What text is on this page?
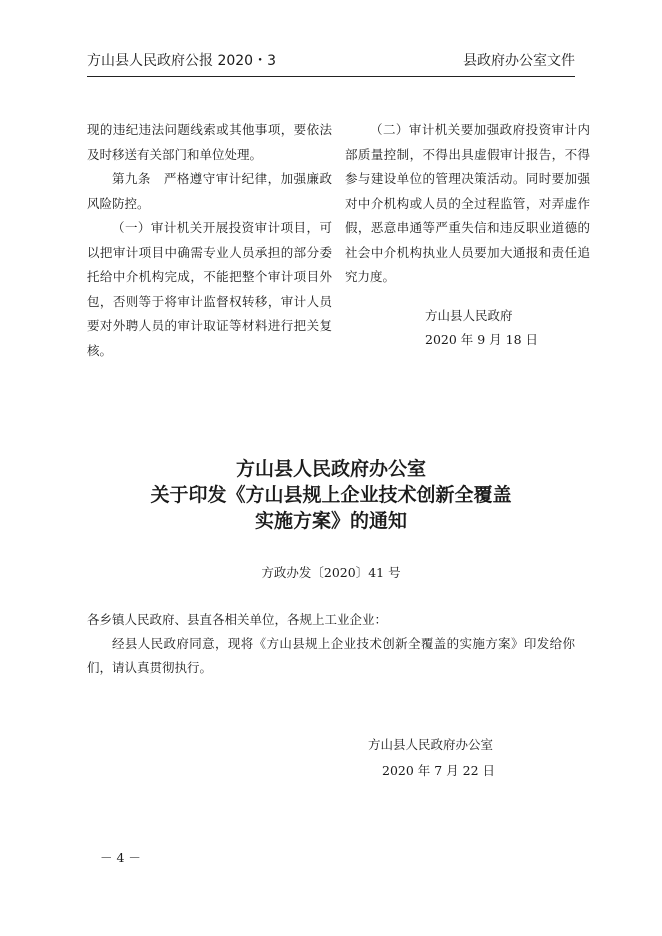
方山县人民政府公报 2020・3	县政府办公室文件

现的违纪违法问题线索或其他事项，要依法及时移送有关部门和单位处理。

第九条　严格遵守审计纪律，加强廉政风险防控。

（一）审计机关开展投资审计项目，可以把审计项目中确需专业人员承担的部分委托给中介机构完成，不能把整个审计项目外包，否则等于将审计监督权转移，审计人员要对外聘人员的审计取证等材料进行把关复核。

（二）审计机关要加强政府投资审计内部质量控制，不得出具虚假审计报告，不得参与建设单位的管理决策活动。同时要加强对中介机构或人员的全过程监管，对弄虚作假，恶意串通等严重失信和违反职业道德的社会中介机构执业人员要加大通报和责任追究力度。

方山县人民政府

2020 年 9 月 18 日

方山县人民政府办公室
关于印发《方山县规上企业技术创新全覆盖
实施方案》的通知
方政办发〔2020〕41 号

各乡镇人民政府、县直各相关单位，各规上工业企业：

经县人民政府同意，现将《方山县规上企业技术创新全覆盖的实施方案》印发给你们，请认真贯彻执行。

方山县人民政府办公室
2020 年 7 月 22 日
－ 4 －
